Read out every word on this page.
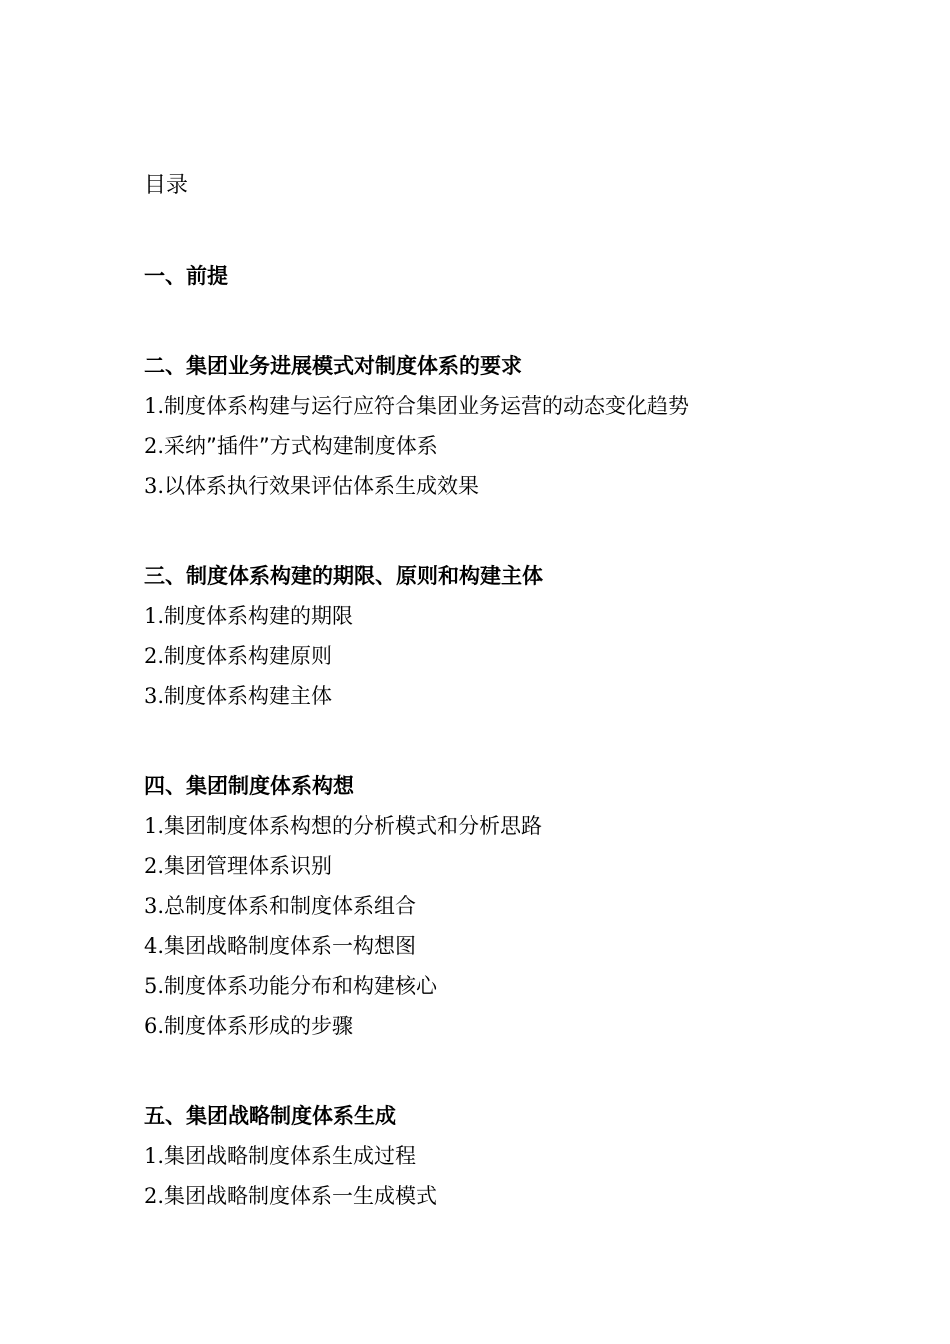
目录
一、前提
二、集团业务进展模式对制度体系的要求
1.制度体系构建与运行应符合集团业务运营的动态变化趋势
2.采纳”插件”方式构建制度体系
3.以体系执行效果评估体系生成效果
三、制度体系构建的期限、原则和构建主体
1.制度体系构建的期限
2.制度体系构建原则
3.制度体系构建主体
四、集团制度体系构想
1.集团制度体系构想的分析模式和分析思路
2.集团管理体系识别
3.总制度体系和制度体系组合
4.集团战略制度体系一构想图
5.制度体系功能分布和构建核心
6.制度体系形成的步骤
五、集团战略制度体系生成
1.集团战略制度体系生成过程
2.集团战略制度体系一生成模式
